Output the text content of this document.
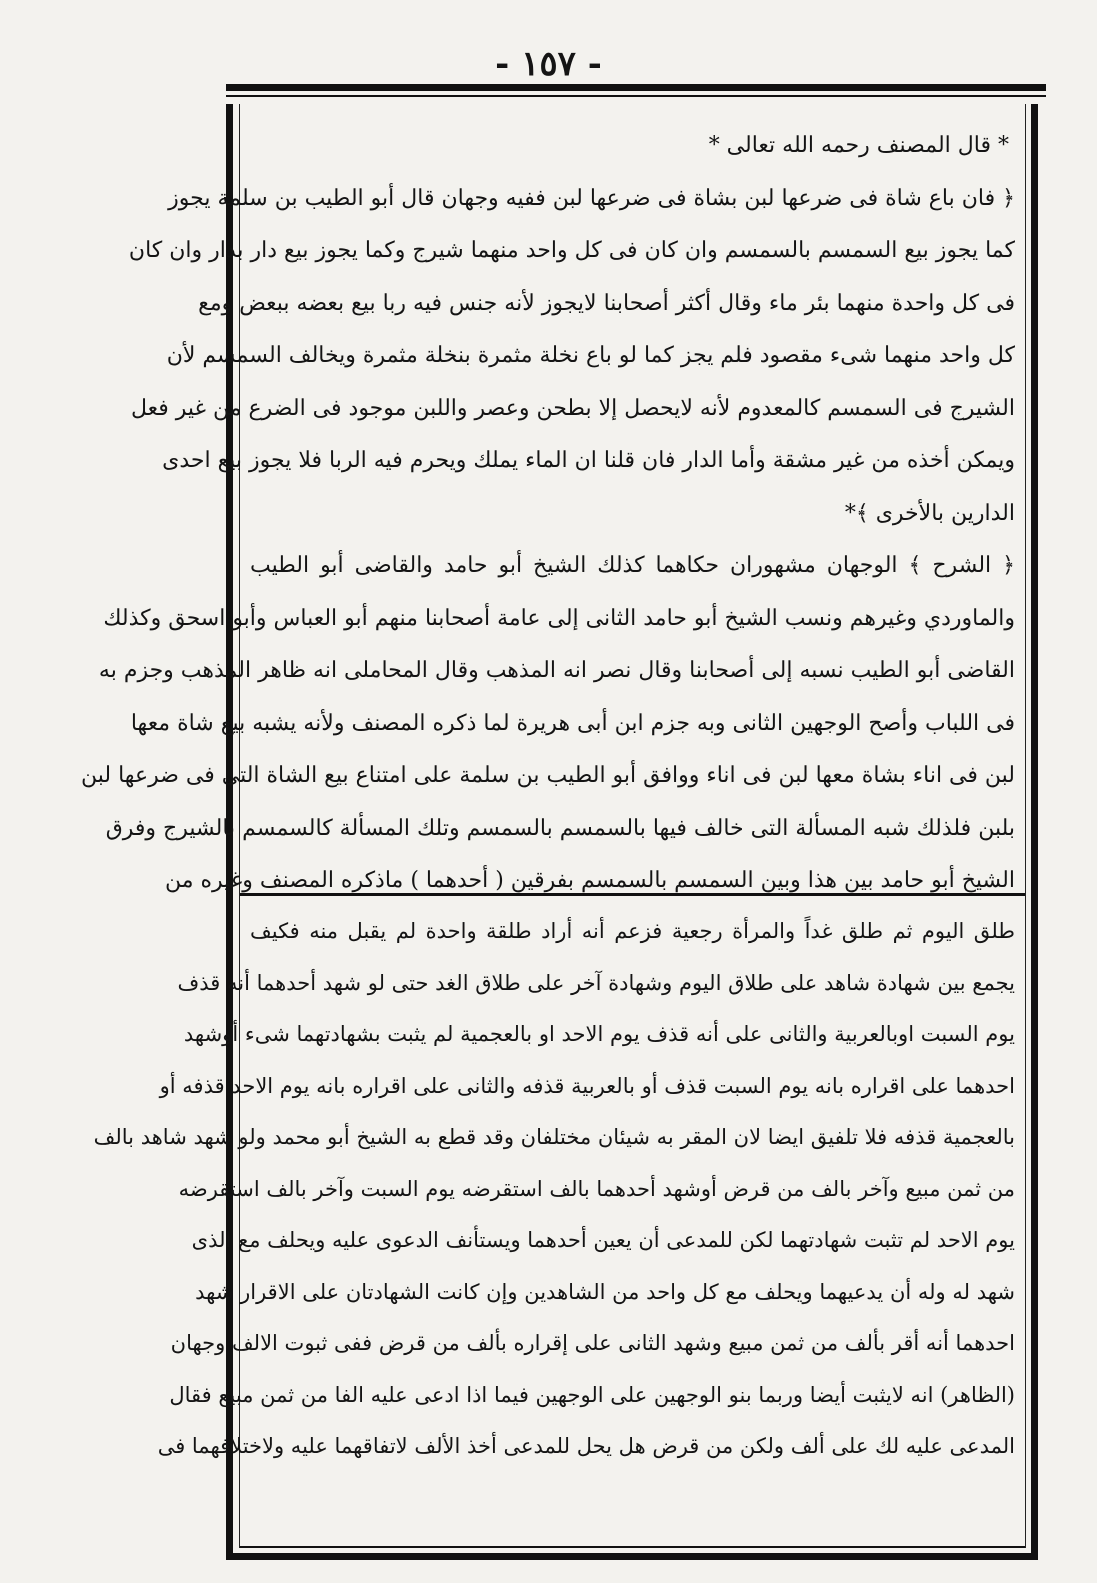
- ١٥٧ -
* قال المصنف رحمه الله تعالى *
﴿ فان باع شاة فى ضرعها لبن بشاة فى ضرعها لبن ففيه وجهان قال أبو الطيب بن سلمة يجوز
كما يجوز بيع السمسم بالسمسم وان كان فى كل واحد منهما شيرج وكما يجوز بيع دار بدار وان كان
فى كل واحدة منهما بئر ماء وقال أكثر أصحابنا لايجوز لأنه جنس فيه ربا بيع بعضه ببعض ومع
كل واحد منهما شىء مقصود فلم يجز كما لو باع نخلة مثمرة بنخلة مثمرة ويخالف السمسم لأن
الشيرج فى السمسم كالمعدوم لأنه لايحصل إلا بطحن وعصر واللبن موجود فى الضرع من غير فعل
ويمكن أخذه من غير مشقة وأما الدار فان قلنا ان الماء يملك ويحرم فيه الربا فلا يجوز بيع احدى
الدارين بالأخرى ﴾*
﴿ الشرح ﴾ الوجهان مشهوران حكاهما كذلك الشيخ أبو حامد والقاضى أبو الطيب
والماوردي وغيرهم ونسب الشيخ أبو حامد الثانى إلى عامة أصحابنا منهم أبو العباس وأبو اسحق وكذلك
القاضى أبو الطيب نسبه إلى أصحابنا وقال نصر انه المذهب وقال المحاملى انه ظاهر المذهب وجزم به
فى اللباب وأصح الوجهين الثانى وبه جزم ابن أبى هريرة لما ذكره المصنف ولأنه يشبه بيع شاة معها
لبن فى اناء بشاة معها لبن فى اناء ووافق أبو الطيب بن سلمة على امتناع بيع الشاة التى فى ضرعها لبن
بلبن فلذلك شبه المسألة التى خالف فيها بالسمسم بالسمسم وتلك المسألة كالسمسم بالشيرج وفرق
الشيخ أبو حامد بين هذا وبين السمسم بالسمسم بفرقين ( أحدهما ) ماذكره المصنف وغيره من
طلق اليوم ثم طلق غداً والمرأة رجعية فزعم أنه أراد طلقة واحدة لم يقبل منه فكيف
يجمع بين شهادة شاهد على طلاق اليوم وشهادة آخر على طلاق الغد حتى لو شهد أحدهما أنه قذف
يوم السبت اوبالعربية والثانى على أنه قذف يوم الاحد او بالعجمية لم يثبت بشهادتهما شىء أوشهد
احدهما على اقراره بانه يوم السبت قذف أو بالعربية قذفه والثانى على اقراره بانه يوم الاحد قذفه أو
بالعجمية قذفه فلا تلفيق ايضا لان المقر به شيئان مختلفان وقد قطع به الشيخ أبو محمد ولو شهد شاهد بالف
من ثمن مبيع وآخر بالف من قرض أوشهد أحدهما بالف استقرضه يوم السبت وآخر بالف استقرضه
يوم الاحد لم تثبت شهادتهما لكن للمدعى أن يعين أحدهما ويستأنف الدعوى عليه ويحلف مع الذى
شهد له وله أن يدعيهما ويحلف مع كل واحد من الشاهدين وإن كانت الشهادتان على الاقرار شهد
احدهما أنه أقر بألف من ثمن مبيع وشهد الثانى على إقراره بألف من قرض ففى ثبوت الالف وجهان
(الظاهر) انه لايثبت أيضا وربما بنو الوجهين على الوجهين فيما اذا ادعى عليه الفا من ثمن مبيع فقال
المدعى عليه لك على ألف ولكن من قرض هل يحل للمدعى أخذ الألف لاتفاقهما عليه ولاختلافهما فى
